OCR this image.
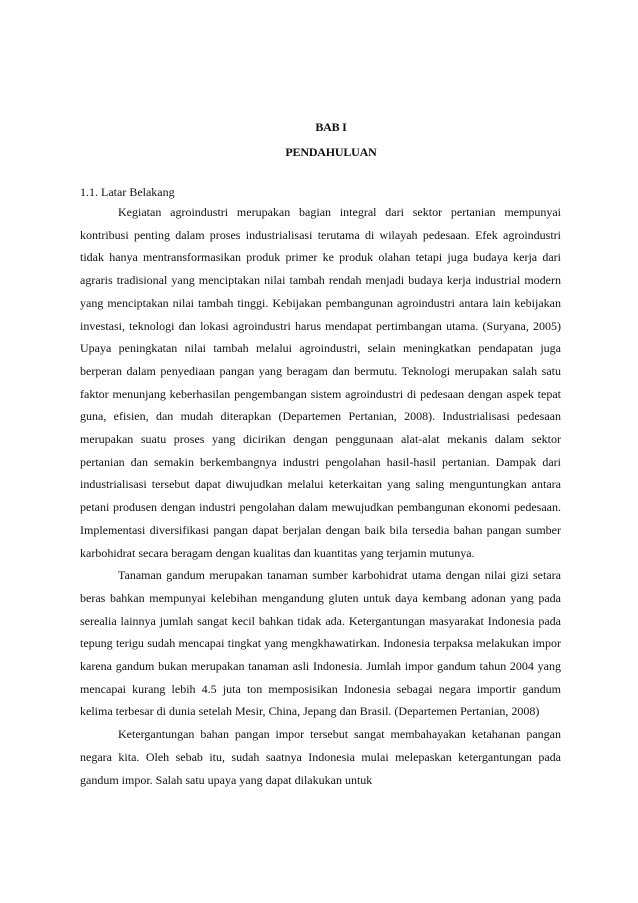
BAB I
PENDAHULUAN
1.1. Latar Belakang

Kegiatan agroindustri merupakan bagian integral dari sektor pertanian mempunyai kontribusi penting dalam proses industrialisasi terutama di wilayah pedesaan. Efek agroindustri tidak hanya mentransformasikan produk primer ke produk olahan tetapi juga budaya kerja dari agraris tradisional yang menciptakan nilai tambah rendah menjadi budaya kerja industrial modern yang menciptakan nilai tambah tinggi. Kebijakan pembangunan agroindustri antara lain kebijakan investasi, teknologi dan lokasi agroindustri harus mendapat pertimbangan utama. (Suryana, 2005) Upaya peningkatan nilai tambah melalui agroindustri, selain meningkatkan pendapatan juga berperan dalam penyediaan pangan yang beragam dan bermutu. Teknologi merupakan salah satu faktor menunjang keberhasilan pengembangan sistem agroindustri di pedesaan dengan aspek tepat guna, efisien, dan mudah diterapkan (Departemen Pertanian, 2008). Industrialisasi pedesaan merupakan suatu proses yang dicirikan dengan penggunaan alat-alat mekanis dalam sektor pertanian dan semakin berkembangnya industri pengolahan hasil-hasil pertanian. Dampak dari industrialisasi tersebut dapat diwujudkan melalui keterkaitan yang saling menguntungkan antara petani produsen dengan industri pengolahan dalam mewujudkan pembangunan ekonomi pedesaan. Implementasi diversifikasi pangan dapat berjalan dengan baik bila tersedia bahan pangan sumber karbohidrat secara beragam dengan kualitas dan kuantitas yang terjamin mutunya.

Tanaman gandum merupakan tanaman sumber karbohidrat utama dengan nilai gizi setara beras bahkan mempunyai kelebihan mengandung gluten untuk daya kembang adonan yang pada serealia lainnya jumlah sangat kecil bahkan tidak ada. Ketergantungan masyarakat Indonesia pada tepung terigu sudah mencapai tingkat yang mengkhawatirkan. Indonesia terpaksa melakukan impor karena gandum bukan merupakan tanaman asli Indonesia. Jumlah impor gandum tahun 2004 yang mencapai kurang lebih 4.5 juta ton memposisikan Indonesia sebagai negara importir gandum kelima terbesar di dunia setelah Mesir, China, Jepang dan Brasil. (Departemen Pertanian, 2008)

Ketergantungan bahan pangan impor tersebut sangat membahayakan ketahanan pangan negara kita. Oleh sebab itu, sudah saatnya Indonesia mulai melepaskan ketergantungan pada gandum impor. Salah satu upaya yang dapat dilakukan untuk
